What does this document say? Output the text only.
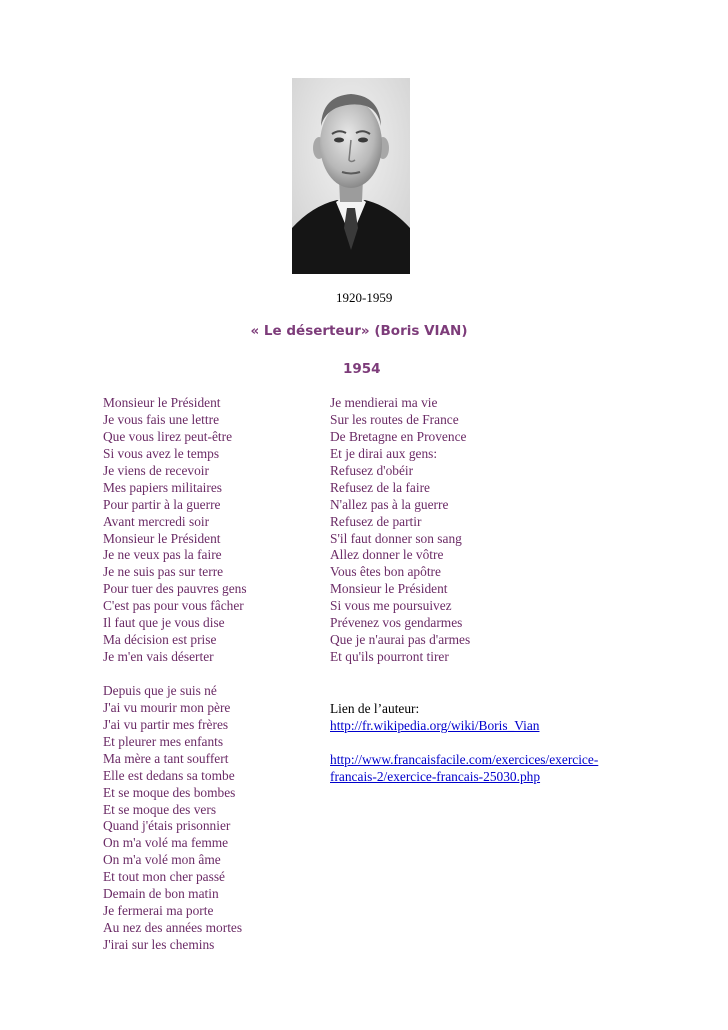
1920-1959
« Le déserteur» (Boris VIAN)
1954
Monsieur le Président
Je vous fais une lettre
Que vous lirez peut-être
Si vous avez le temps
Je viens de recevoir
Mes papiers militaires
Pour partir à la guerre
Avant mercredi soir
Monsieur le Président
Je ne veux pas la faire
Je ne suis pas sur terre
Pour tuer des pauvres gens
C'est pas pour vous fâcher
Il faut que je vous dise
Ma décision est prise
Je m'en vais déserter
Depuis que je suis né
J'ai vu mourir mon père
J'ai vu partir mes frères
Et pleurer mes enfants
Ma mère a tant souffert
Elle est dedans sa tombe
Et se moque des bombes
Et se moque des vers
Quand j'étais prisonnier
On m'a volé ma femme
On m'a volé mon âme
Et tout mon cher passé
Demain de bon matin
Je fermerai ma porte
Au nez des années mortes
J'irai sur les chemins
Je mendierai ma vie
Sur les routes de France
De Bretagne en Provence
Et je dirai aux gens:
Refusez d'obéir
Refusez de la faire
N'allez pas à la guerre
Refusez de partir
S'il faut donner son sang
Allez donner le vôtre
Vous êtes bon apôtre
Monsieur le Président
Si vous me poursuivez
Prévenez vos gendarmes
Que je n'aurai pas d'armes
Et qu'ils pourront tirer
Lien de l’auteur:
http://fr.wikipedia.org/wiki/Boris_Vian
http://www.francaisfacile.com/exercices/exercice-
francais-2/exercice-francais-25030.php
